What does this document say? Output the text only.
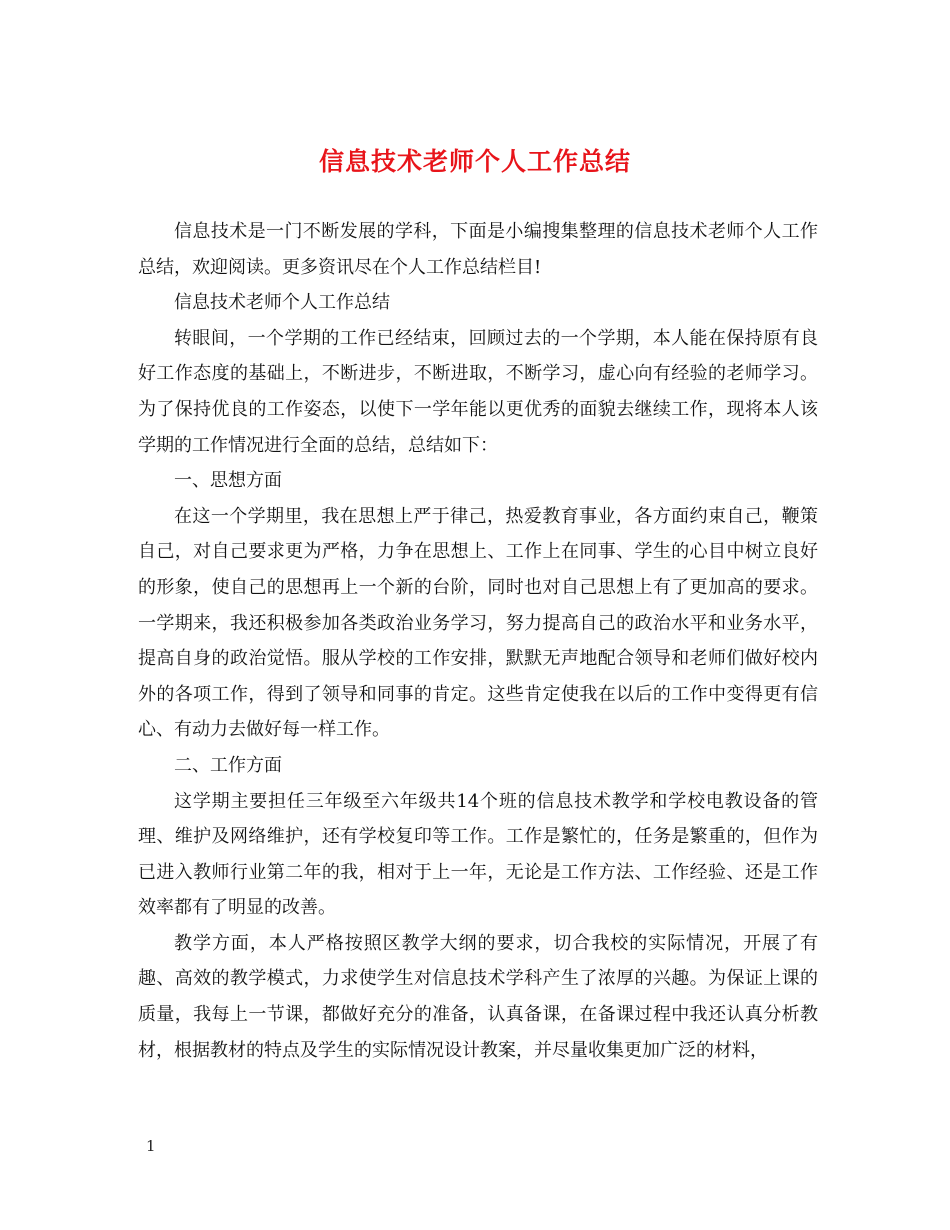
信息技术老师个人工作总结

信息技术是一门不断发展的学科，下面是小编搜集整理的信息技术老师个人工作总结，欢迎阅读。更多资讯尽在个人工作总结栏目!

信息技术老师个人工作总结

转眼间，一个学期的工作已经结束，回顾过去的一个学期，本人能在保持原有良好工作态度的基础上，不断进步，不断进取，不断学习，虚心向有经验的老师学习。为了保持优良的工作姿态，以使下一学年能以更优秀的面貌去继续工作，现将本人该学期的工作情况进行全面的总结，总结如下：

一、思想方面

在这一个学期里，我在思想上严于律己，热爱教育事业，各方面约束自己，鞭策自己，对自己要求更为严格，力争在思想上、工作上在同事、学生的心目中树立良好的形象，使自己的思想再上一个新的台阶，同时也对自己思想上有了更加高的要求。一学期来，我还积极参加各类政治业务学习，努力提高自己的政治水平和业务水平，提高自身的政治觉悟。服从学校的工作安排，默默无声地配合领导和老师们做好校内外的各项工作，得到了领导和同事的肯定。这些肯定使我在以后的工作中变得更有信心、有动力去做好每一样工作。

二、工作方面

这学期主要担任三年级至六年级共14个班的信息技术教学和学校电教设备的管理、维护及网络维护，还有学校复印等工作。工作是繁忙的，任务是繁重的，但作为已进入教师行业第二年的我，相对于上一年，无论是工作方法、工作经验、还是工作效率都有了明显的改善。

教学方面，本人严格按照区教学大纲的要求，切合我校的实际情况，开展了有趣、高效的教学模式，力求使学生对信息技术学科产生了浓厚的兴趣。为保证上课的质量，我每上一节课，都做好充分的准备，认真备课，在备课过程中我还认真分析教材，根据教材的特点及学生的实际情况设计教案，并尽量收集更加广泛的材料，

1
